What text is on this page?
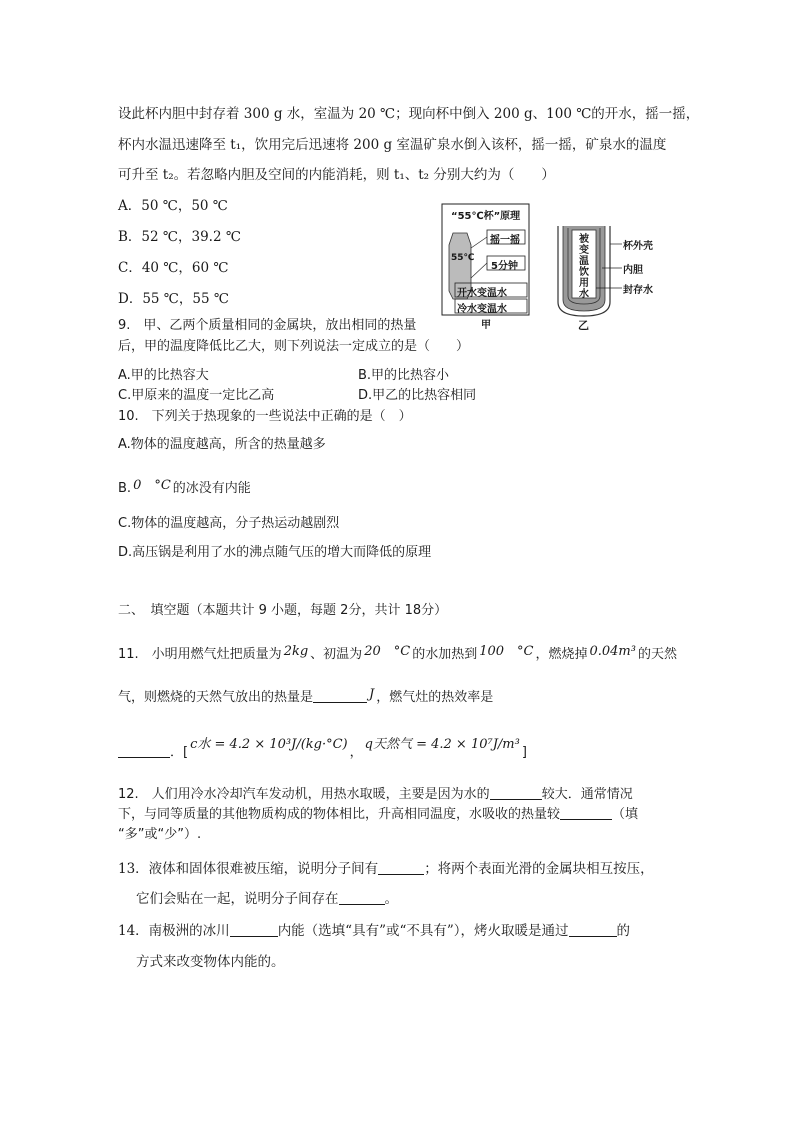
设此杯内胆中封存着 300 g 水，室温为 20 ℃；现向杯中倒入 200 g、100 ℃的开水，摇一摇，
杯内水温迅速降至 t₁，饮用完后迅速将 200 g 室温矿泉水倒入该杯，摇一摇，矿泉水的温度
可升至 t₂。若忽略内胆及空间的内能消耗，则 t₁、t₂ 分别大约为（　　）
A．50 ℃，50 ℃
B．52 ℃，39.2 ℃
C．40 ℃，60 ℃
D．55 ℃，55 ℃
“55℃杯”原理
55℃
摇一摇
5分钟
开水变温水
冷水变温水
甲
被变温饮用水
杯外壳
内胆
封存水
乙
9.　甲、乙两个质量相同的金属块，放出相同的热量
后，甲的温度降低比乙大，则下列说法一定成立的是（　　）
A.甲的比热容大	B.甲的比热容小
C.甲原来的温度一定比乙高	D.甲乙的比热容相同
10.　下列关于热现象的一些说法中正确的是（　）
A.物体的温度越高，所含的热量越多
B. 0　°C 的冰没有内能
C.物体的温度越高，分子热运动越剧烈
D.高压锅是利用了水的沸点随气压的增大而降低的原理
二、　填空题（本题共计 9 小题，每题 2分，共计 18分）
11.　小明用燃气灶把质量为 2kg 、初温为 20　°C 的水加热到 100　°C ，燃烧掉 0.04m³ 的天然
气，则燃烧的天然气放出的热量是	J ，燃气灶的热效率是
．[c水 = 4.2 × 10³J/(kg·°C)，q天然气 = 4.2 × 10⁷J/m³]
12.　人们用冷水冷却汽车发动机，用热水取暖，主要是因为水的	较大．通常情况
下，与同等质量的其他物质构成的物体相比，升高相同温度，水吸收的热量较	（填
“多”或“少”）.
13．液体和固体很难被压缩，说明分子间有	；将两个表面光滑的金属块相互按压，
它们会贴在一起，说明分子间存在	。
14．南极洲的冰川	内能（选填“具有”或“不具有”），烤火取暖是通过	的
方式来改变物体内能的。
